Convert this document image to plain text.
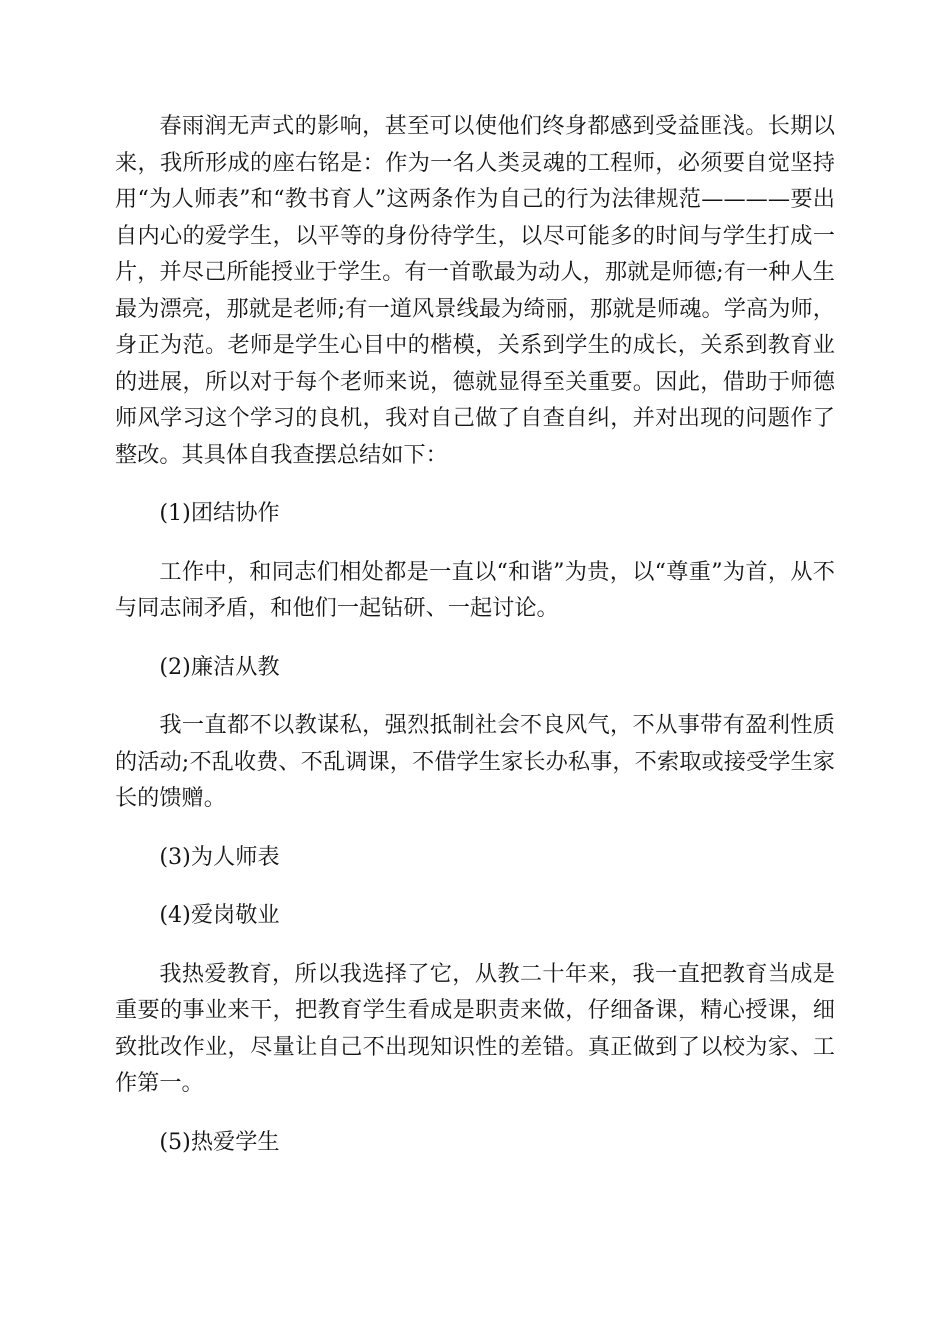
春雨润无声式的影响，甚至可以使他们终身都感到受益匪浅。长期以来，我所形成的座右铭是：作为一名人类灵魂的工程师，必须要自觉坚持用“为人师表”和“教书育人”这两条作为自己的行为法律规范————要出自内心的爱学生，以平等的身份待学生，以尽可能多的时间与学生打成一片，并尽己所能授业于学生。有一首歌最为动人，那就是师德;有一种人生最为漂亮，那就是老师;有一道风景线最为绮丽，那就是师魂。学高为师，身正为范。老师是学生心目中的楷模，关系到学生的成长，关系到教育业的进展，所以对于每个老师来说，德就显得至关重要。因此，借助于师德师风学习这个学习的良机，我对自己做了自查自纠，并对出现的问题作了整改。其具体自我查摆总结如下：

(1)团结协作

工作中，和同志们相处都是一直以“和谐”为贵，以“尊重”为首，从不与同志闹矛盾，和他们一起钻研、一起讨论。

(2)廉洁从教

我一直都不以教谋私，强烈抵制社会不良风气，不从事带有盈利性质的活动;不乱收费、不乱调课，不借学生家长办私事，不索取或接受学生家长的馈赠。

(3)为人师表

(4)爱岗敬业

我热爱教育，所以我选择了它，从教二十年来，我一直把教育当成是重要的事业来干，把教育学生看成是职责来做，仔细备课，精心授课，细致批改作业，尽量让自己不出现知识性的差错。真正做到了以校为家、工作第一。

(5)热爱学生
